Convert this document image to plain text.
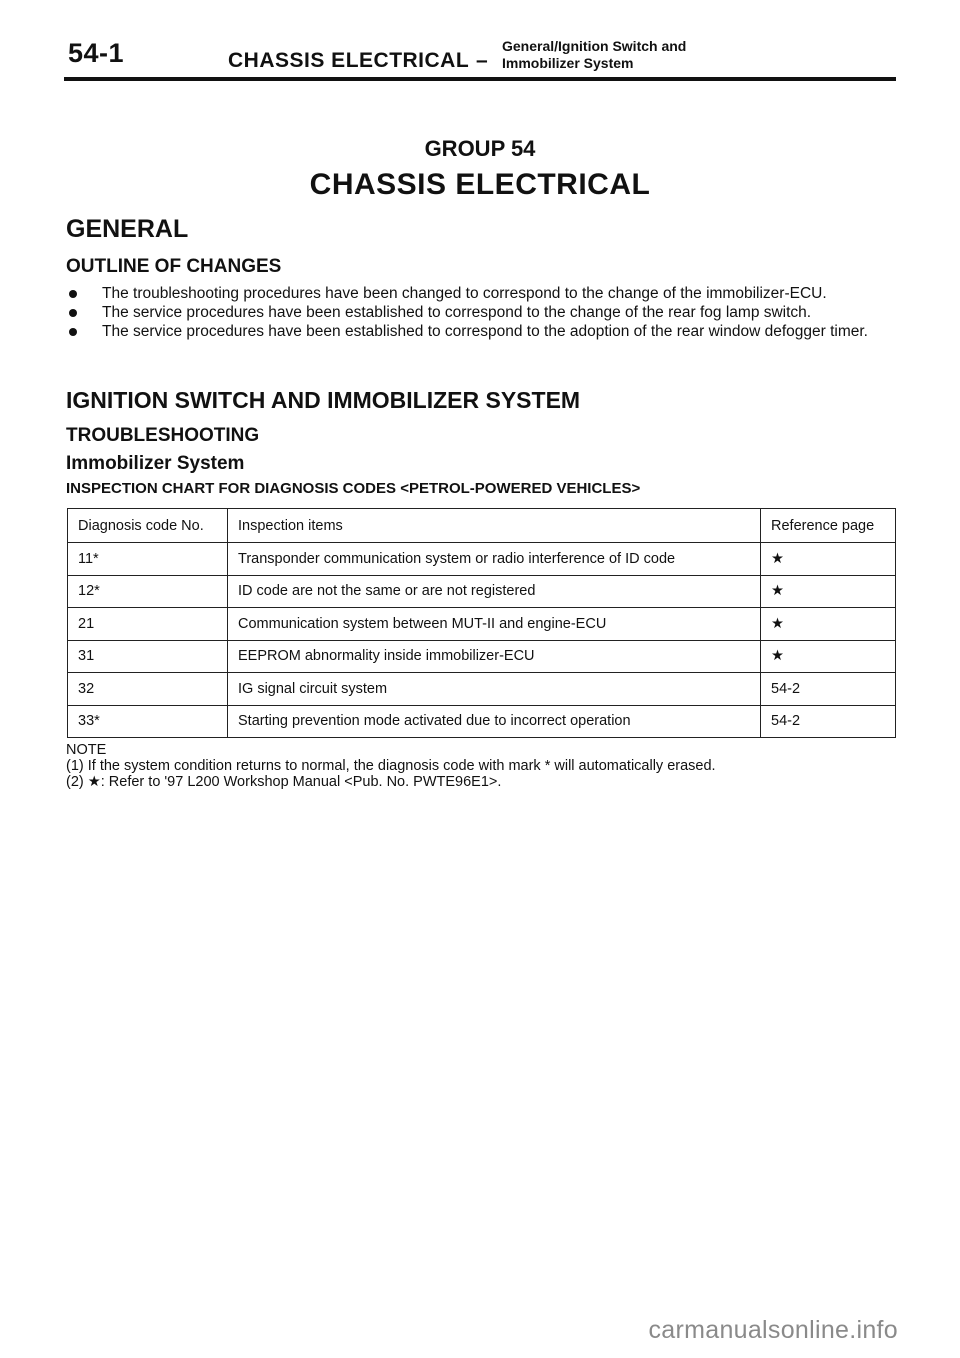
54-1	CHASSIS ELECTRICAL –
General/Ignition Switch and
Immobilizer System
GROUP 54
CHASSIS ELECTRICAL
GENERAL
OUTLINE OF CHANGES
The troubleshooting procedures have been changed to correspond to the change of the immobilizer-ECU.
The service procedures have been established to correspond to the change of the rear fog lamp switch.
The service procedures have been established to correspond to the adoption of the rear window defogger timer.
IGNITION SWITCH AND IMMOBILIZER SYSTEM
TROUBLESHOOTING
Immobilizer System
INSPECTION CHART FOR DIAGNOSIS CODES <PETROL-POWERED VEHICLES>
Diagnosis code No.	Inspection items	Reference page
11*	Transponder communication system or radio interference of ID code	★
12*	ID code are not the same or are not registered	★
21	Communication system between MUT-II and engine-ECU	★
31	EEPROM abnormality inside immobilizer-ECU	★
32	IG signal circuit system	54-2
33*	Starting prevention mode activated due to incorrect operation	54-2
NOTE
(1) If the system condition returns to normal, the diagnosis code with mark * will automatically erased.
(2) ★: Refer to '97 L200 Workshop Manual <Pub. No. PWTE96E1>.
carmanualsonline.info
